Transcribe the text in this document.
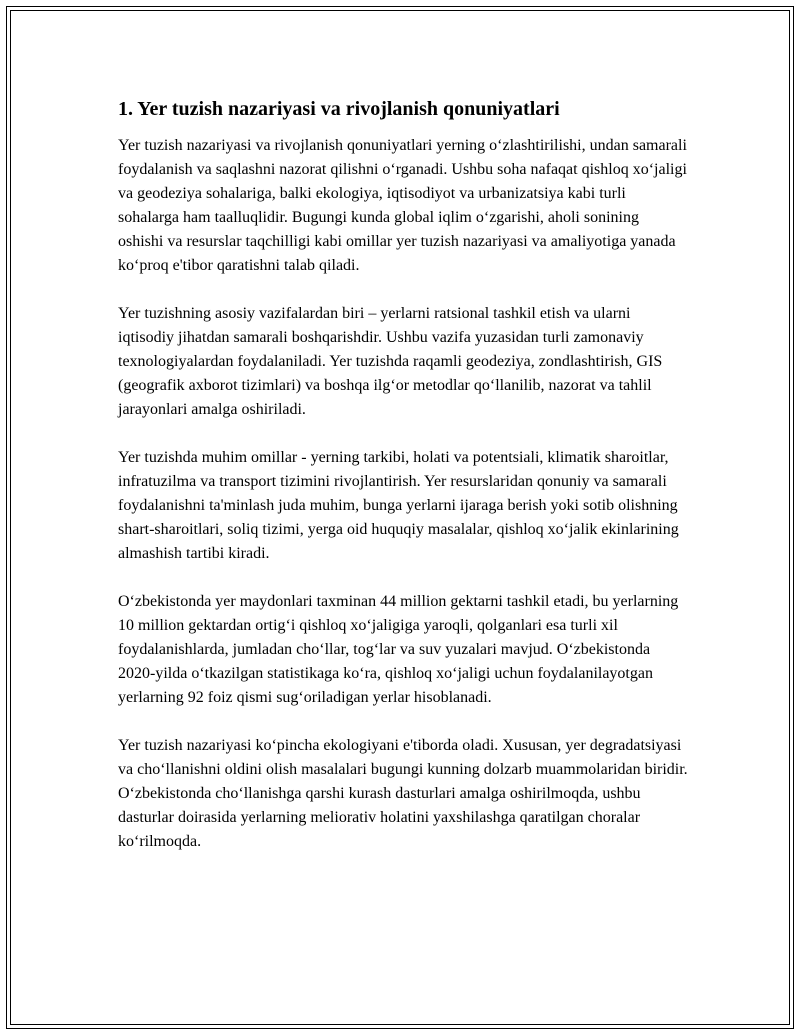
1. Yer tuzish nazariyasi va rivojlanish qonuniyatlari

Yer tuzish nazariyasi va rivojlanish qonuniyatlari yerning o‘zlashtirilishi, undan samarali foydalanish va saqlashni nazorat qilishni o‘rganadi. Ushbu soha nafaqat qishloq xo‘jaligi va geodeziya sohalariga, balki ekologiya, iqtisodiyot va urbanizatsiya kabi turli sohalarga ham taalluqlidir. Bugungi kunda global iqlim o‘zgarishi, aholi sonining oshishi va resurslar taqchilligi kabi omillar yer tuzish nazariyasi va amaliyotiga yanada ko‘proq e'tibor qaratishni talab qiladi.

Yer tuzishning asosiy vazifalardan biri – yerlarni ratsional tashkil etish va ularni iqtisodiy jihatdan samarali boshqarishdir. Ushbu vazifa yuzasidan turli zamonaviy texnologiyalardan foydalaniladi. Yer tuzishda raqamli geodeziya, zondlashtirish, GIS (geografik axborot tizimlari) va boshqa ilg‘or metodlar qo‘llanilib, nazorat va tahlil jarayonlari amalga oshiriladi.

Yer tuzishda muhim omillar - yerning tarkibi, holati va potentsiali, klimatik sharoitlar, infratuzilma va transport tizimini rivojlantirish. Yer resurslaridan qonuniy va samarali foydalanishni ta'minlash juda muhim, bunga yerlarni ijaraga berish yoki sotib olishning shart-sharoitlari, soliq tizimi, yerga oid huquqiy masalalar, qishloq xo‘jalik ekinlarining almashish tartibi kiradi.

O‘zbekistonda yer maydonlari taxminan 44 million gektarni tashkil etadi, bu yerlarning 10 million gektardan ortig‘i qishloq xo‘jaligiga yaroqli, qolganlari esa turli xil foydalanishlarda, jumladan cho‘llar, tog‘lar va suv yuzalari mavjud. O‘zbekistonda 2020-yilda o‘tkazilgan statistikaga ko‘ra, qishloq xo‘jaligi uchun foydalanilayotgan yerlarning 92 foiz qismi sug‘oriladigan yerlar hisoblanadi.

Yer tuzish nazariyasi ko‘pincha ekologiyani e'tiborda oladi. Xususan, yer degradatsiyasi va cho‘llanishni oldini olish masalalari bugungi kunning dolzarb muammolaridan biridir. O‘zbekistonda cho‘llanishga qarshi kurash dasturlari amalga oshirilmoqda, ushbu dasturlar doirasida yerlarning meliorativ holatini yaxshilashga qaratilgan choralar ko‘rilmoqda.
